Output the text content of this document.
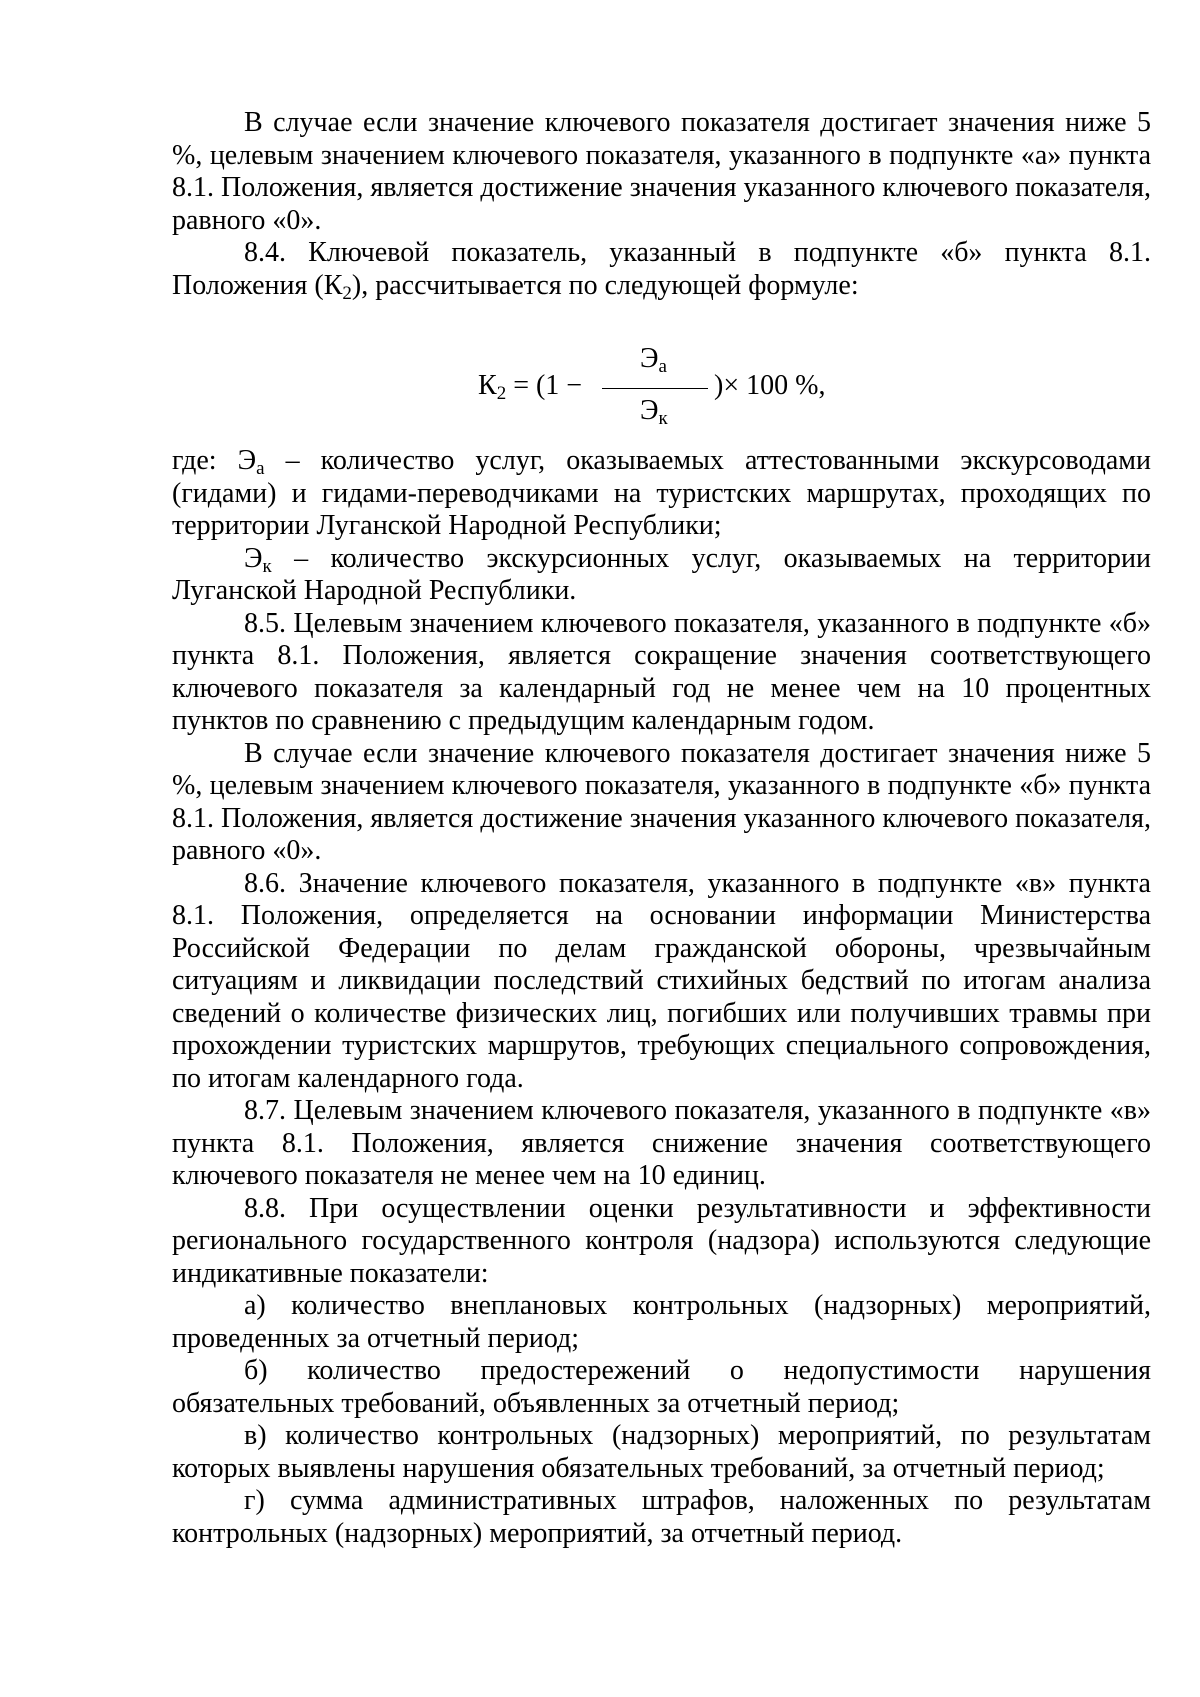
В случае если значение ключевого показателя достигает значения ниже 5 %, целевым значением ключевого показателя, указанного в подпункте «а» пункта 8.1. Положения, является достижение значения указанного ключевого показателя, равного «0».

8.4. Ключевой показатель, указанный в подпункте «б» пункта 8.1. Положения $(К_2)$, рассчитывается по следующей формуле:

$К_2 = (1$ −
$Э_а$
$Э_к$
)× 100 %,

где: $Э_а$ – количество услуг, оказываемых аттестованными экскурсоводами (гидами) и гидами-переводчиками на туристских маршрутах, проходящих по территории Луганской Народной Республики;

$Э_к$ – количество экскурсионных услуг, оказываемых на территории Луганской Народной Республики.

8.5. Целевым значением ключевого показателя, указанного в подпункте «б» пункта 8.1. Положения, является сокращение значения соответствующего ключевого показателя за календарный год не менее чем на 10 процентных пунктов по сравнению с предыдущим календарным годом.

В случае если значение ключевого показателя достигает значения ниже 5 %, целевым значением ключевого показателя, указанного в подпункте «б» пункта 8.1. Положения, является достижение значения указанного ключевого показателя, равного «0».

8.6. Значение ключевого показателя, указанного в подпункте «в» пункта 8.1. Положения, определяется на основании информации Министерства Российской Федерации по делам гражданской обороны, чрезвычайным ситуациям и ликвидации последствий стихийных бедствий по итогам анализа сведений о количестве физических лиц, погибших или получивших травмы при прохождении туристских маршрутов, требующих специального сопровождения, по итогам календарного года.

8.7. Целевым значением ключевого показателя, указанного в подпункте «в» пункта 8.1. Положения, является снижение значения соответствующего ключевого показателя не менее чем на 10 единиц.

8.8. При осуществлении оценки результативности и эффективности регионального государственного контроля (надзора) используются следующие индикативные показатели:

а) количество внеплановых контрольных (надзорных) мероприятий, проведенных за отчетный период;

б) количество предостережений о недопустимости нарушения обязательных требований, объявленных за отчетный период;

в) количество контрольных (надзорных) мероприятий, по результатам которых выявлены нарушения обязательных требований, за отчетный период;

г) сумма административных штрафов, наложенных по результатам контрольных (надзорных) мероприятий, за отчетный период.
